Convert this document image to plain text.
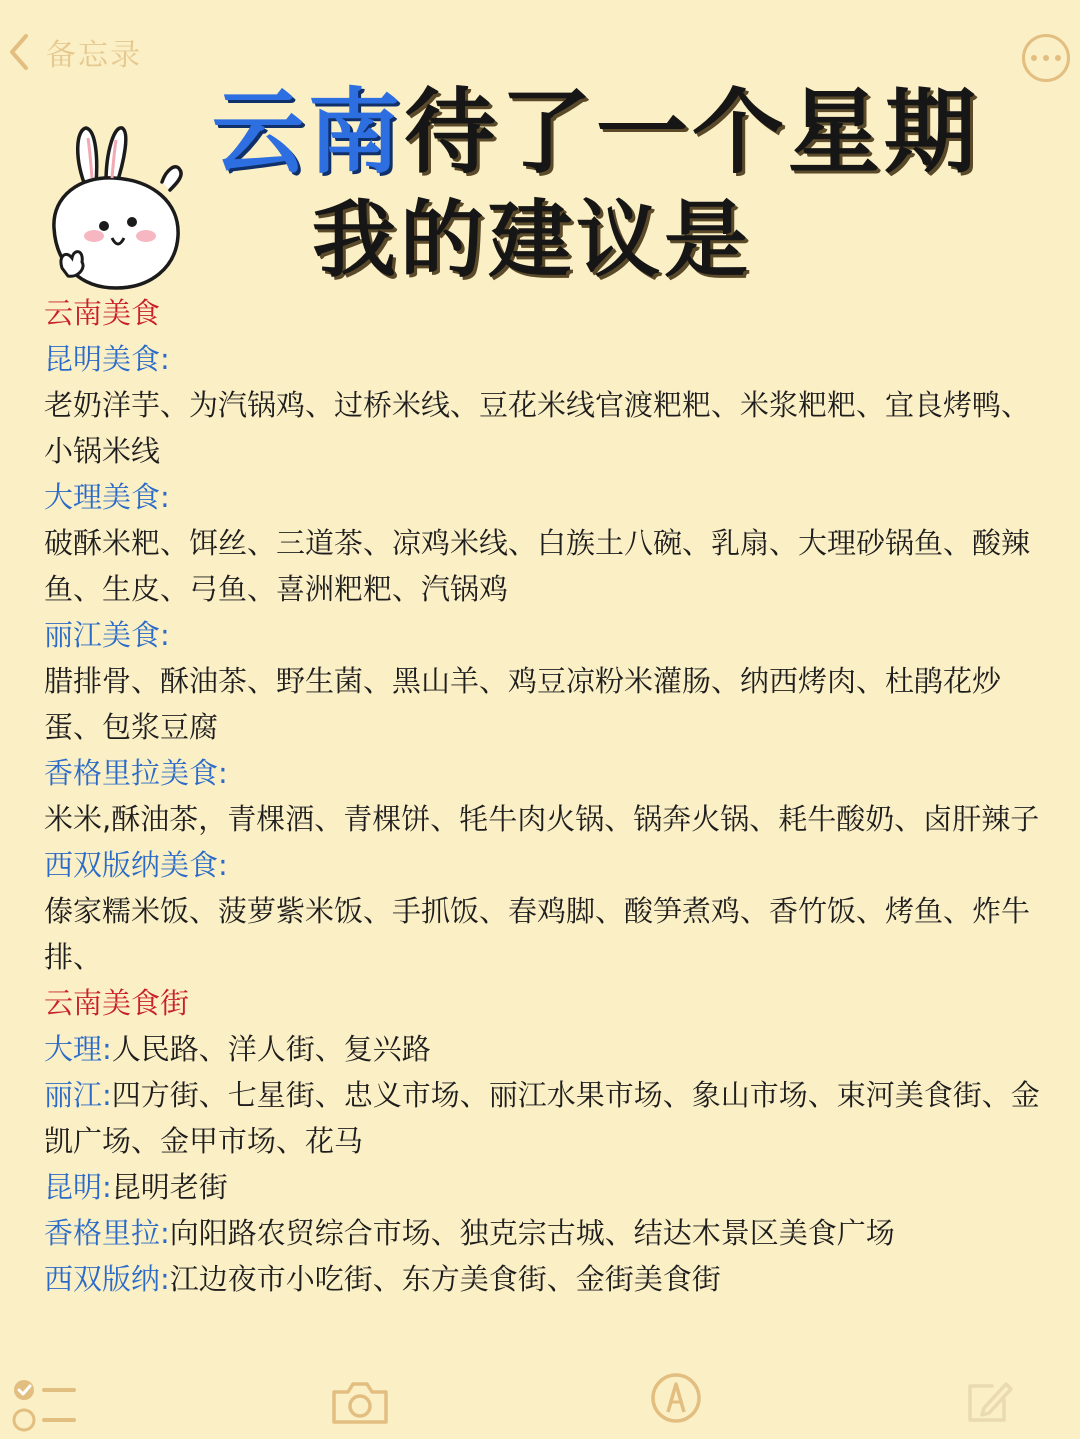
备忘录
云南待了一个星期
我的建议是

云南美食

昆明美食:

老奶洋芋、为汽锅鸡、过桥米线、豆花米线官渡粑粑、米浆粑粑、宜良烤鸭、小锅米线

大理美食:

破酥米粑、饵丝、三道茶、凉鸡米线、白族土八碗、乳扇、大理砂锅鱼、酸辣鱼、生皮、弓鱼、喜洲粑粑、汽锅鸡

丽江美食:

腊排骨、酥油茶、野生菌、黑山羊、鸡豆凉粉米灌肠、纳西烤肉、杜鹃花炒蛋、包浆豆腐

香格里拉美食:

米米,酥油茶，青棵酒、青棵饼、牦牛肉火锅、锅奔火锅、耗牛酸奶、卤肝辣子

西双版纳美食:

傣家糯米饭、菠萝紫米饭、手抓饭、春鸡脚、酸笋煮鸡、香竹饭、烤鱼、炸牛排、

云南美食街

大理:人民路、洋人街、复兴路

丽江:四方街、七星街、忠义市场、丽江水果市场、象山市场、束河美食街、金凯广场、金甲市场、花马

昆明:昆明老街

香格里拉:向阳路农贸综合市场、独克宗古城、结达木景区美食广场

西双版纳:江边夜市小吃街、东方美食街、金街美食街
